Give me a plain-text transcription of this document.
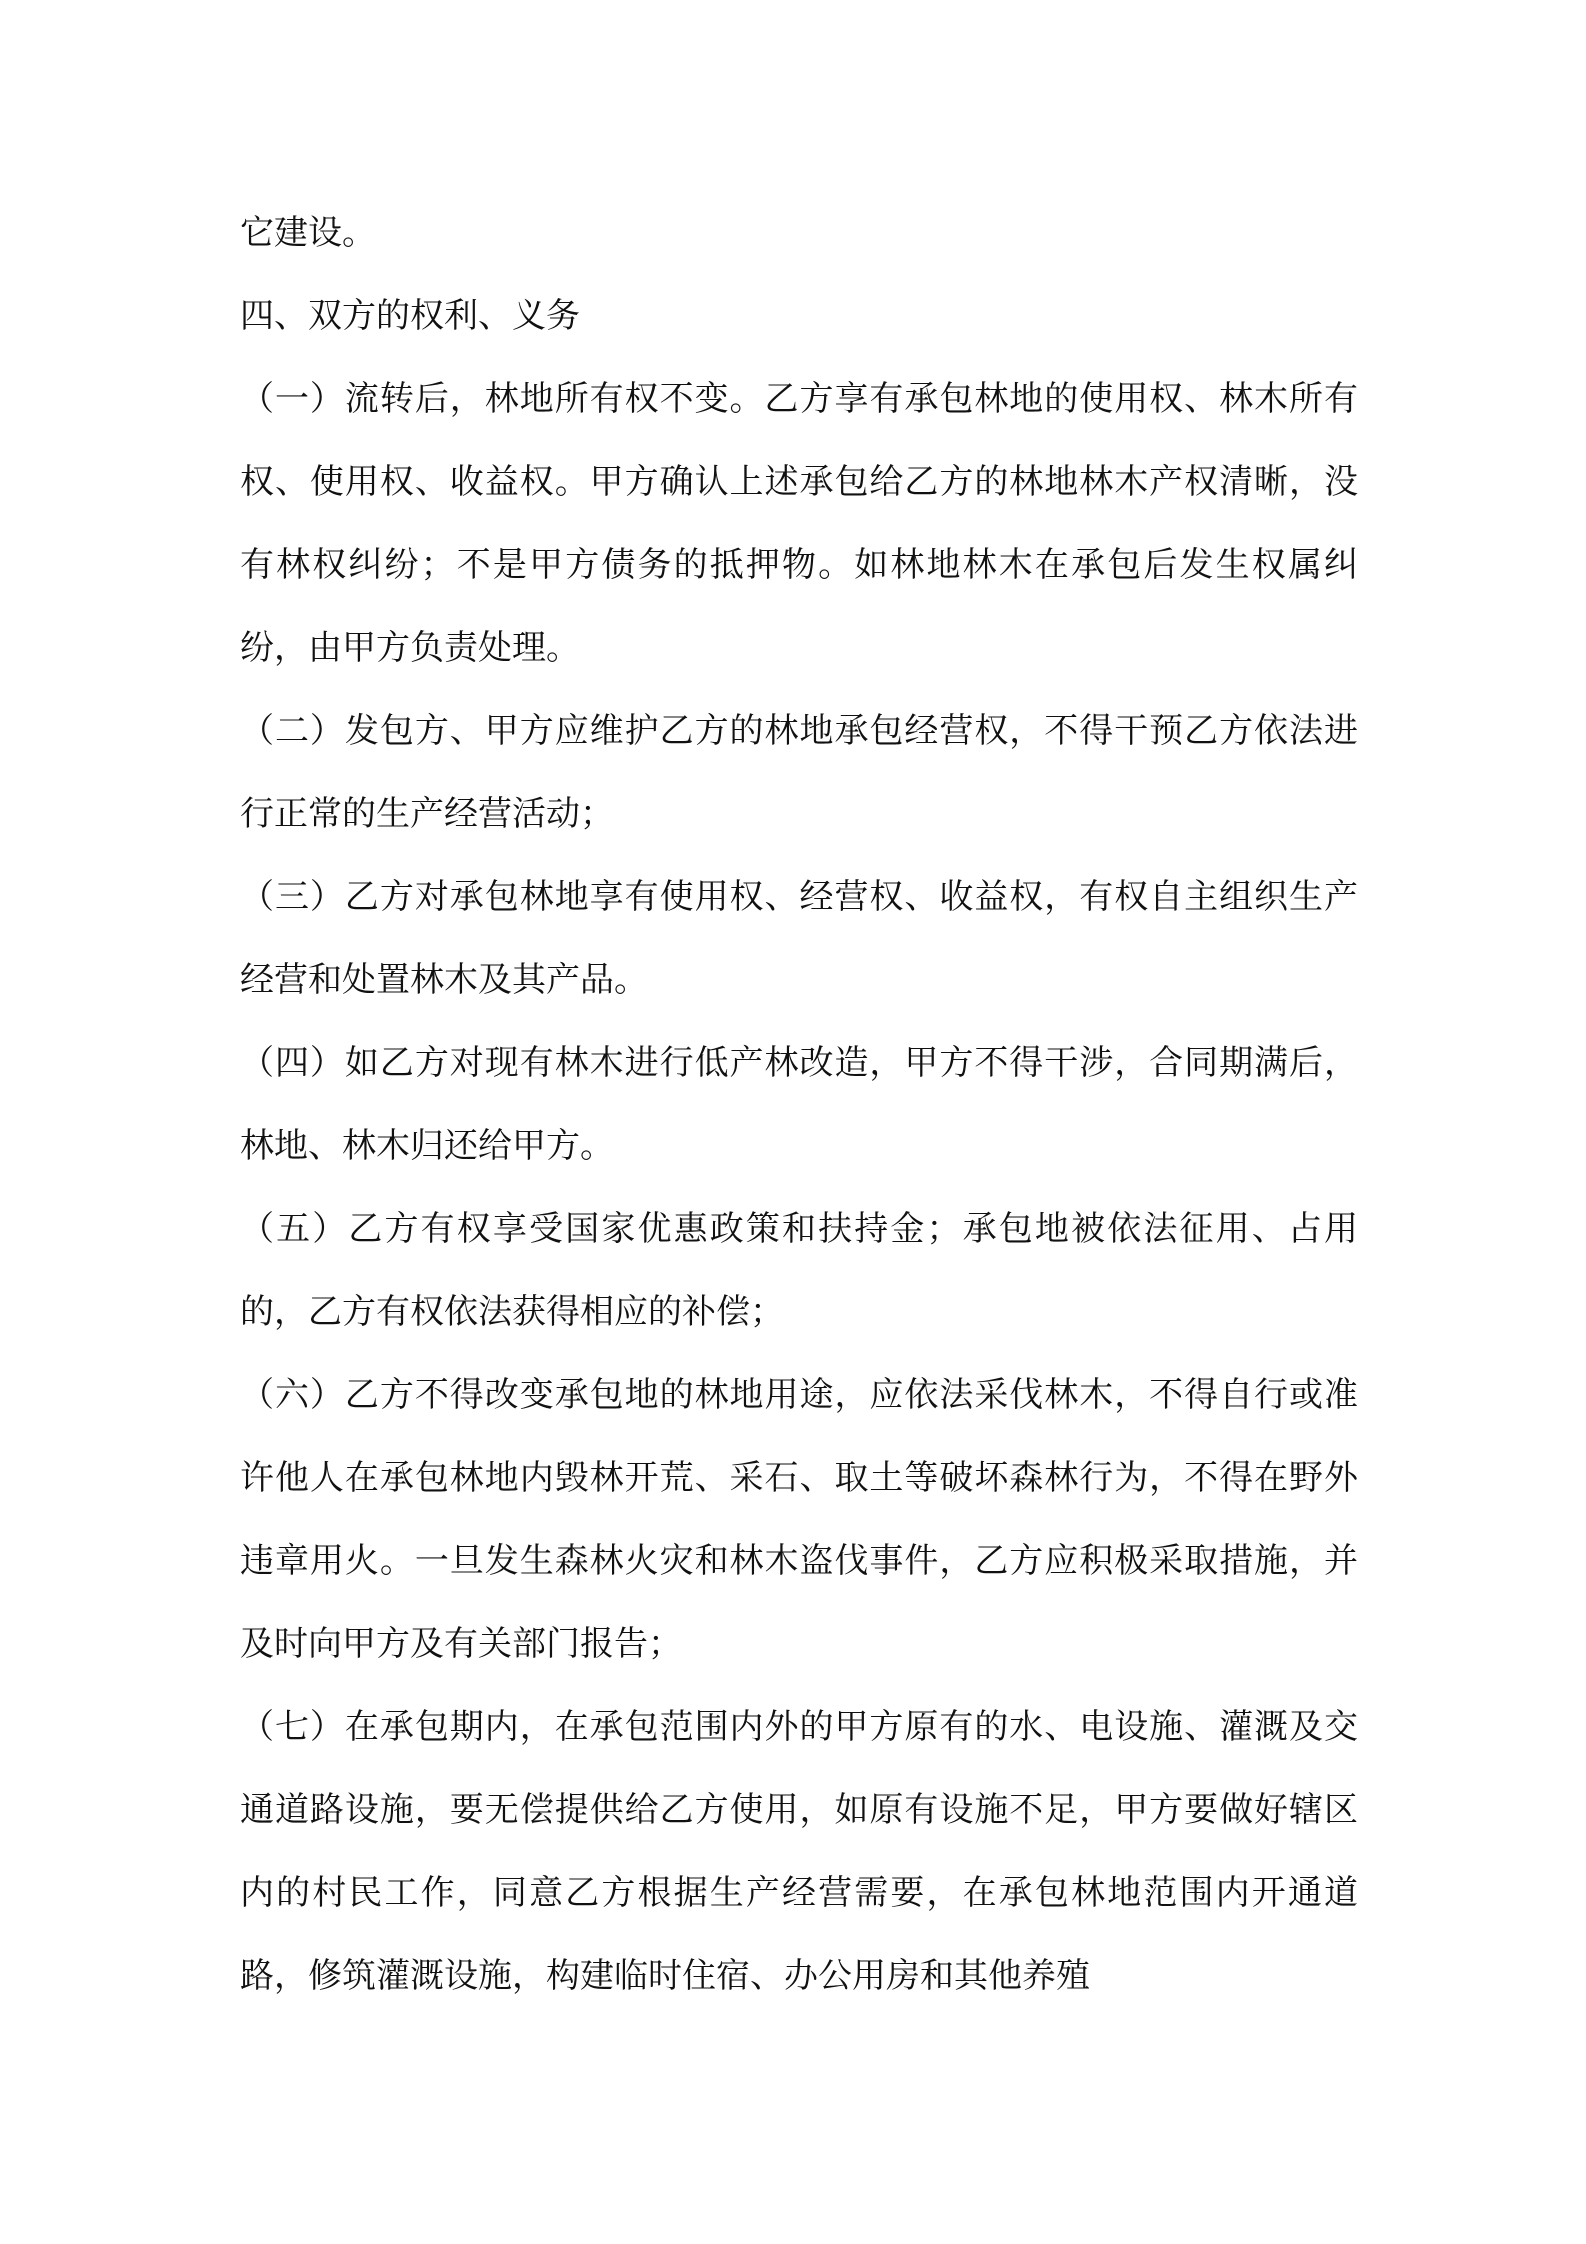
它建设。

四、双方的权利、义务

（一）流转后，林地所有权不变。乙方享有承包林地的使用权、林木所有权、使用权、收益权。甲方确认上述承包给乙方的林地林木产权清晰，没有林权纠纷；不是甲方债务的抵押物。如林地林木在承包后发生权属纠纷，由甲方负责处理。

（二）发包方、甲方应维护乙方的林地承包经营权，不得干预乙方依法进行正常的生产经营活动；

（三）乙方对承包林地享有使用权、经营权、收益权，有权自主组织生产经营和处置林木及其产品。

（四）如乙方对现有林木进行低产林改造，甲方不得干涉，合同期满后，林地、林木归还给甲方。

（五）乙方有权享受国家优惠政策和扶持金；承包地被依法征用、占用的，乙方有权依法获得相应的补偿；

（六）乙方不得改变承包地的林地用途，应依法采伐林木，不得自行或准许他人在承包林地内毁林开荒、采石、取土等破坏森林行为，不得在野外违章用火。一旦发生森林火灾和林木盗伐事件，乙方应积极采取措施，并及时向甲方及有关部门报告；

（七）在承包期内，在承包范围内外的甲方原有的水、电设施、灌溉及交通道路设施，要无偿提供给乙方使用，如原有设施不足，甲方要做好辖区内的村民工作，同意乙方根据生产经营需要，在承包林地范围内开通道路，修筑灌溉设施，构建临时住宿、办公用房和其他养殖
